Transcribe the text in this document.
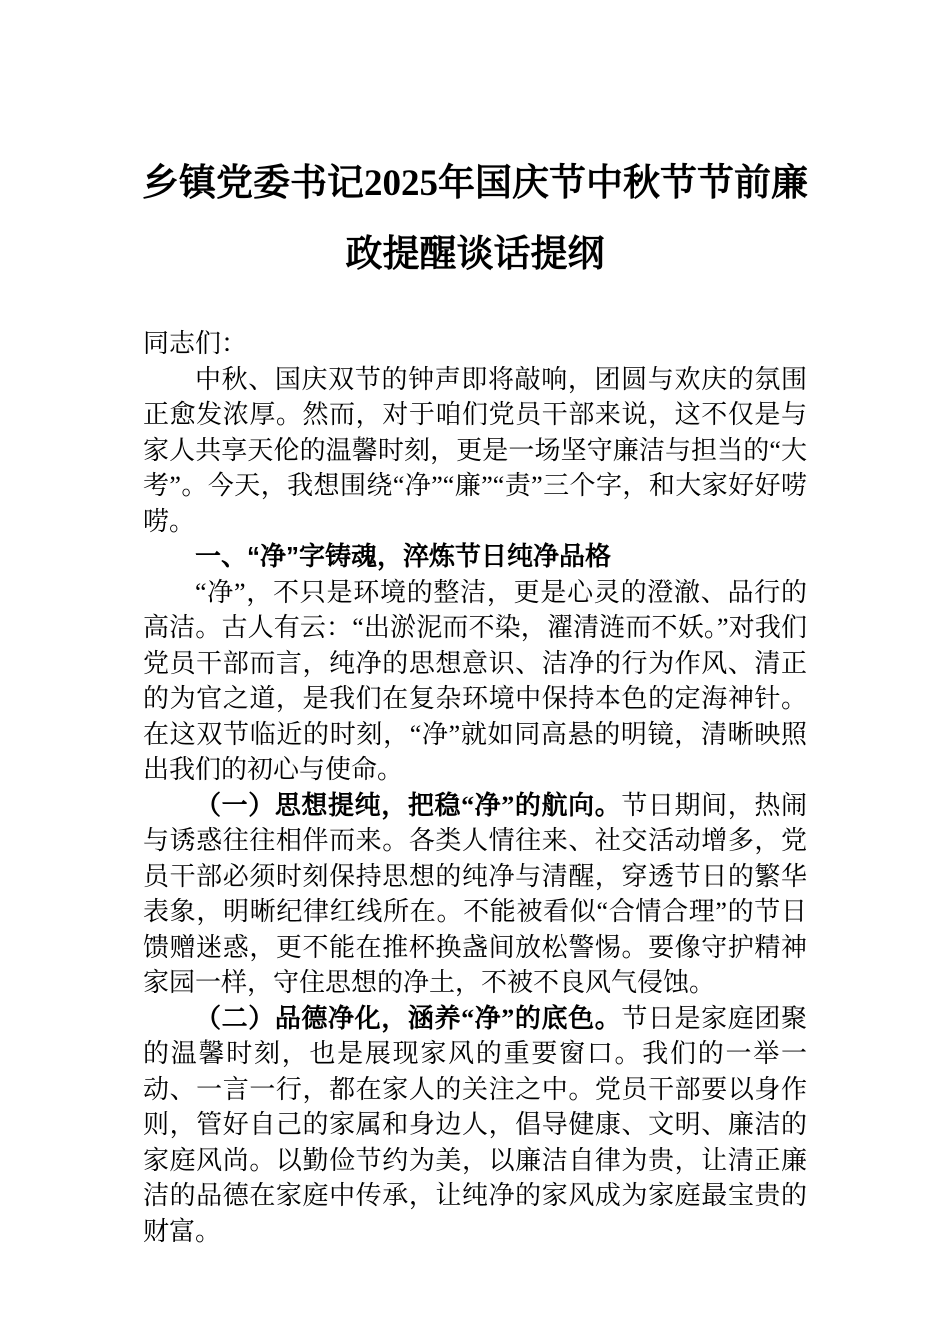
乡镇党委书记2025年国庆节中秋节节前廉政提醒谈话提纲

同志们：

中秋、国庆双节的钟声即将敲响，团圆与欢庆的氛围正愈发浓厚。然而，对于咱们党员干部来说，这不仅是与家人共享天伦的温馨时刻，更是一场坚守廉洁与担当的“大考”。今天，我想围绕“净”“廉”“责”三个字，和大家好好唠唠。

一、“净”字铸魂，淬炼节日纯净品格

“净”，不只是环境的整洁，更是心灵的澄澈、品行的高洁。古人有云：“出淤泥而不染，濯清涟而不妖。”对我们党员干部而言，纯净的思想意识、洁净的行为作风、清正的为官之道，是我们在复杂环境中保持本色的定海神针。在这双节临近的时刻，“净”就如同高悬的明镜，清晰映照出我们的初心与使命。

（一）思想提纯，把稳“净”的航向。节日期间，热闹与诱惑往往相伴而来。各类人情往来、社交活动增多，党员干部必须时刻保持思想的纯净与清醒，穿透节日的繁华表象，明晰纪律红线所在。不能被看似“合情合理”的节日馈赠迷惑，更不能在推杯换盏间放松警惕。要像守护精神家园一样，守住思想的净土，不被不良风气侵蚀。

（二）品德净化，涵养“净”的底色。节日是家庭团聚的温馨时刻，也是展现家风的重要窗口。我们的一举一动、一言一行，都在家人的关注之中。党员干部要以身作则，管好自己的家属和身边人，倡导健康、文明、廉洁的家庭风尚。以勤俭节约为美，以廉洁自律为贵，让清正廉洁的品德在家庭中传承，让纯净的家风成为家庭最宝贵的财富。
